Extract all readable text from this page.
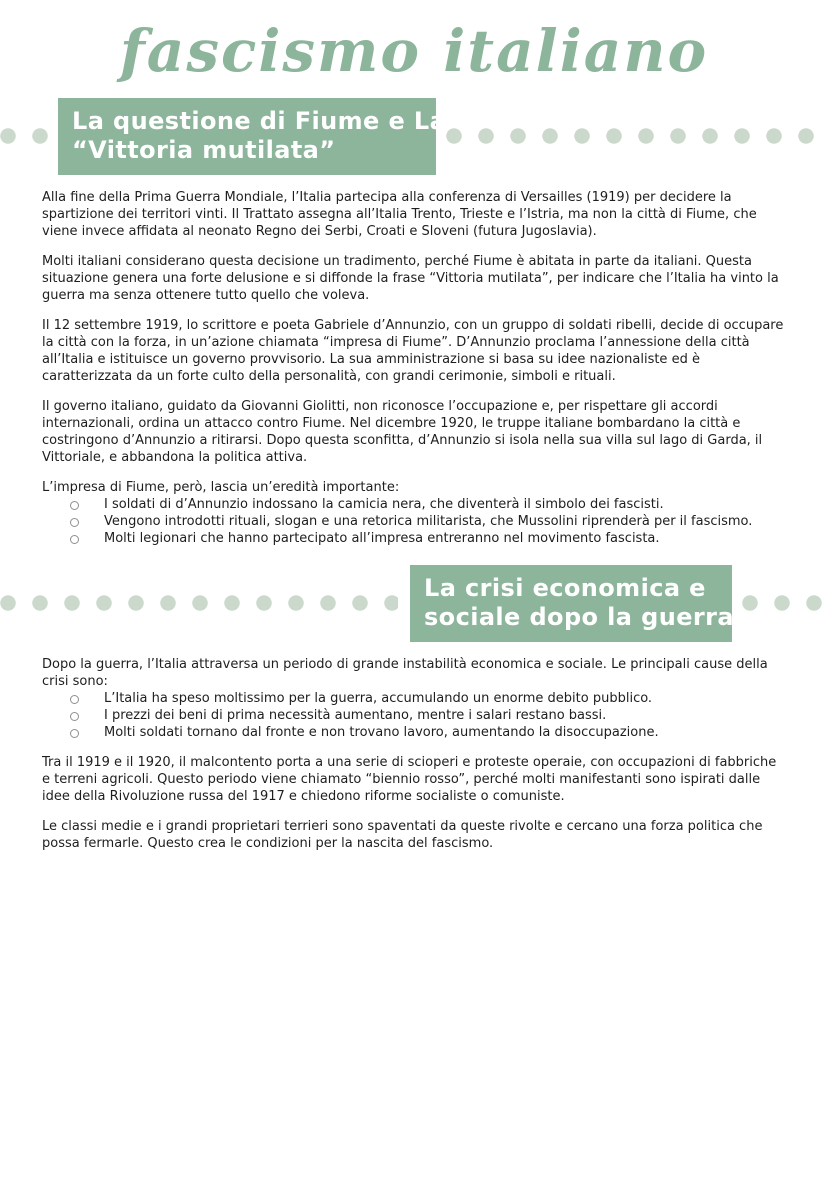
fascismo italiano
La questione di Fiume e La
“Vittoria mutilata”

Alla fine della Prima Guerra Mondiale, l’Italia partecipa alla conferenza di Versailles (1919) per decidere la spartizione dei territori vinti. Il Trattato assegna all’Italia Trento, Trieste e l’Istria, ma non la città di Fiume, che viene invece affidata al neonato Regno dei Serbi, Croati e Sloveni (futura Jugoslavia).

Molti italiani considerano questa decisione un tradimento, perché Fiume è abitata in parte da italiani. Questa situazione genera una forte delusione e si diffonde la frase “Vittoria mutilata”, per indicare che l’Italia ha vinto la guerra ma senza ottenere tutto quello che voleva.

Il 12 settembre 1919, lo scrittore e poeta Gabriele d’Annunzio, con un gruppo di soldati ribelli, decide di occupare la città con la forza, in un’azione chiamata “impresa di Fiume”. D’Annunzio proclama l’annessione della città all’Italia e istituisce un governo provvisorio. La sua amministrazione si basa su idee nazionaliste ed è caratterizzata da un forte culto della personalità, con grandi cerimonie, simboli e rituali.

Il governo italiano, guidato da Giovanni Giolitti, non riconosce l’occupazione e, per rispettare gli accordi internazionali, ordina un attacco contro Fiume. Nel dicembre 1920, le truppe italiane bombardano la città e costringono d’Annunzio a ritirarsi. Dopo questa sconfitta, d’Annunzio si isola nella sua villa sul lago di Garda, il Vittoriale, e abbandona la politica attiva.

L’impresa di Fiume, però, lascia un’eredità importante:

I soldati di d’Annunzio indossano la camicia nera, che diventerà il simbolo dei fascisti.
Vengono introdotti rituali, slogan e una retorica militarista, che Mussolini riprenderà per il fascismo.
Molti legionari che hanno partecipato all’impresa entreranno nel movimento fascista.
La crisi economica e
sociale dopo la guerra

Dopo la guerra, l’Italia attraversa un periodo di grande instabilità economica e sociale. Le principali cause della crisi sono:

L’Italia ha speso moltissimo per la guerra, accumulando un enorme debito pubblico.
I prezzi dei beni di prima necessità aumentano, mentre i salari restano bassi.
Molti soldati tornano dal fronte e non trovano lavoro, aumentando la disoccupazione.

Tra il 1919 e il 1920, il malcontento porta a una serie di scioperi e proteste operaie, con occupazioni di fabbriche e terreni agricoli. Questo periodo viene chiamato “biennio rosso”, perché molti manifestanti sono ispirati dalle idee della Rivoluzione russa del 1917 e chiedono riforme socialiste o comuniste.

Le classi medie e i grandi proprietari terrieri sono spaventati da queste rivolte e cercano una forza politica che possa fermarle. Questo crea le condizioni per la nascita del fascismo.
